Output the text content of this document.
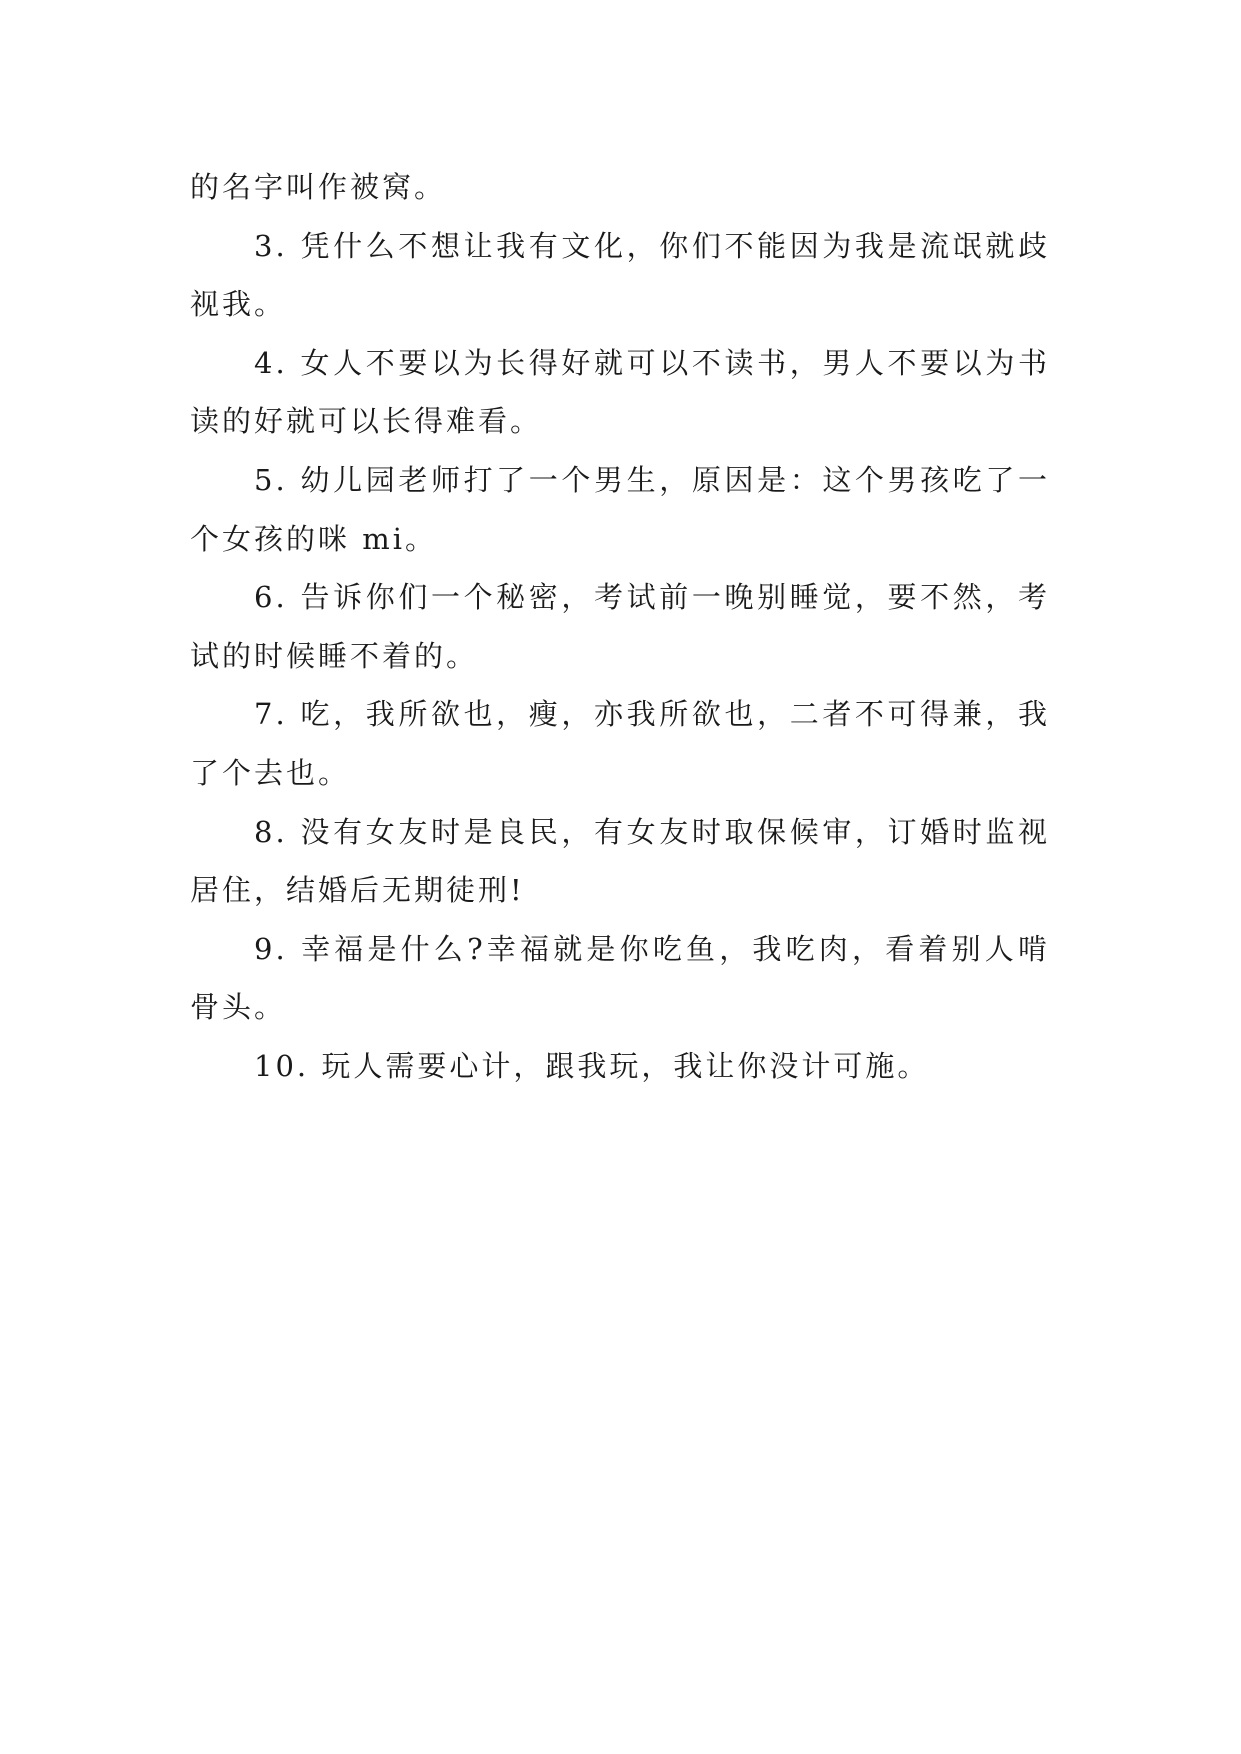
的名字叫作被窝。

3. 凭什么不想让我有文化，你们不能因为我是流氓就歧视我。

4. 女人不要以为长得好就可以不读书，男人不要以为书读的好就可以长得难看。

5. 幼儿园老师打了一个男生，原因是：这个男孩吃了一个女孩的咪 mi。

6. 告诉你们一个秘密，考试前一晚别睡觉，要不然，考试的时候睡不着的。

7. 吃，我所欲也，瘦，亦我所欲也，二者不可得兼，我了个去也。

8. 没有女友时是良民，有女友时取保候审，订婚时监视居住，结婚后无期徒刑!

9. 幸福是什么?幸福就是你吃鱼，我吃肉，看着别人啃骨头。

10. 玩人需要心计，跟我玩，我让你没计可施。
